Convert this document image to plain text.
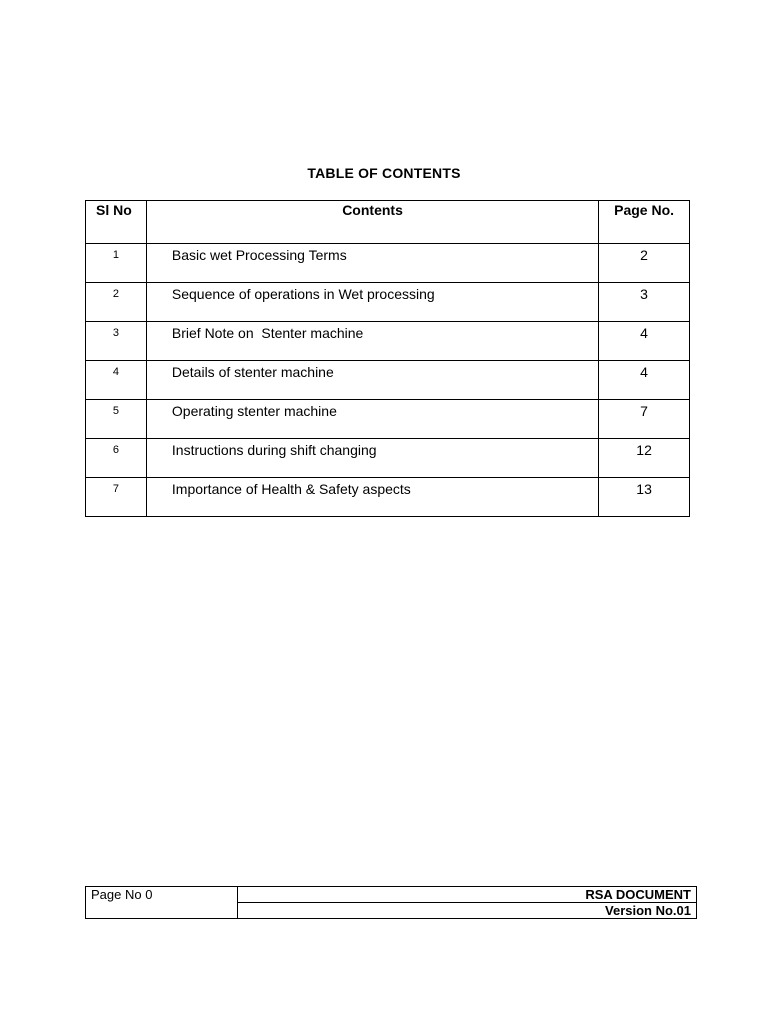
TABLE OF CONTENTS
Sl No	Contents	Page No.
1	Basic wet Processing Terms	2
2	Sequence of operations in Wet processing	3
3	Brief Note on  Stenter machine	4
4	Details of stenter machine	4
5	Operating stenter machine	7
6	Instructions during shift changing	12
7	Importance of Health & Safety aspects	13
Page No 0	RSA DOCUMENT
Version No.01
